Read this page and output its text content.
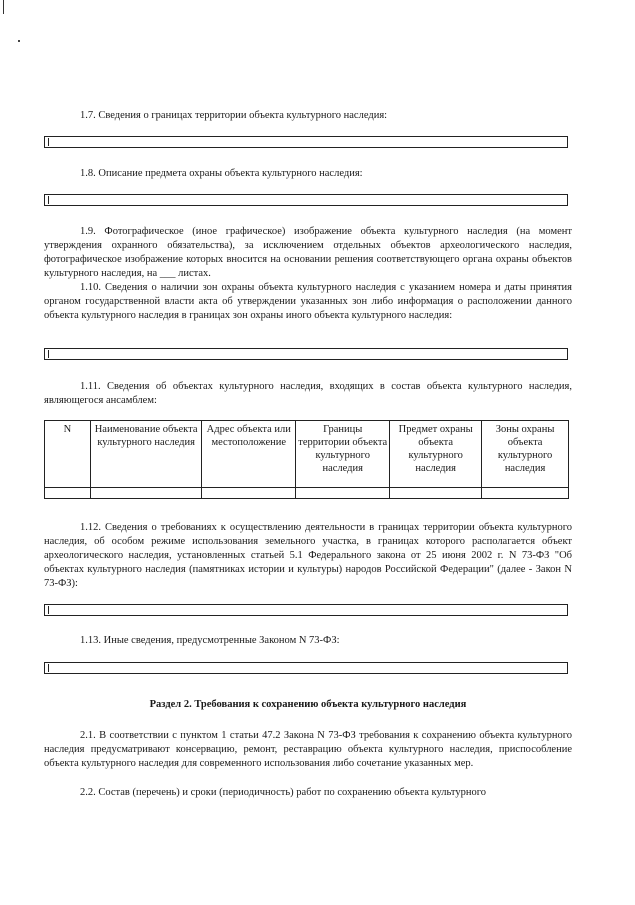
1.7. Сведения о границах территории объекта культурного наследия:

1.8. Описание предмета охраны объекта культурного наследия:

1.9. Фотографическое (иное графическое) изображение объекта культурного наследия (на момент утверждения охранного обязательства), за исключением отдельных объектов археологического наследия, фотографическое изображение которых вносится на основании решения соответствующего органа охраны объектов культурного наследия, на ___ листах.

1.10. Сведения о наличии зон охраны объекта культурного наследия с указанием номера и даты принятия органом государственной власти акта об утверждении указанных зон либо информация о расположении данного объекта культурного наследия в границах зон охраны иного объекта культурного наследия:

1.11. Сведения об объектах культурного наследия, входящих в состав объекта культурного наследия, являющегося ансамблем:

N	Наименование объекта культурного наследия	Адрес объекта или местоположение	Границы территории объекта культурного наследия	Предмет охраны объекта культурного наследия	Зоны охраны объекта культурного наследия

1.12. Сведения о требованиях к осуществлению деятельности в границах территории объекта культурного наследия, об особом режиме использования земельного участка, в границах которого располагается объект археологического наследия, установленных статьей 5.1 Федерального закона от 25 июня 2002 г. N 73-ФЗ "Об объектах культурного наследия (памятниках истории и культуры) народов Российской Федерации" (далее - Закон N 73-ФЗ):

1.13. Иные сведения, предусмотренные Законом N 73-ФЗ:

Раздел 2. Требования к сохранению объекта культурного наследия

2.1. В соответствии с пунктом 1 статьи 47.2 Закона N 73-ФЗ требования к сохранению объекта культурного наследия предусматривают консервацию, ремонт, реставрацию объекта культурного наследия, приспособление объекта культурного наследия для современного использования либо сочетание указанных мер.

2.2. Состав (перечень) и сроки (периодичность) работ по сохранению объекта культурного
